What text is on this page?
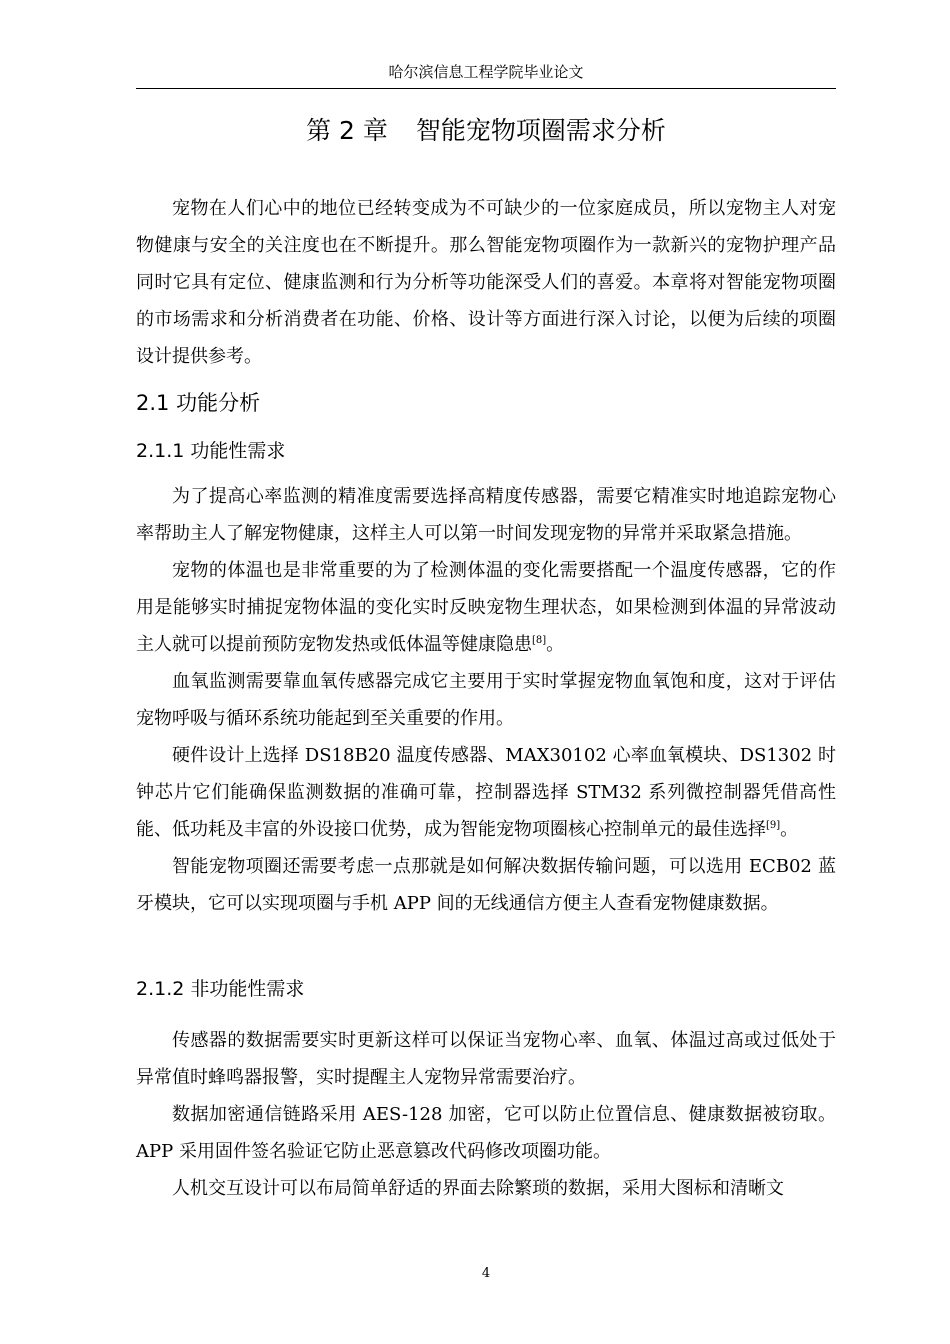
哈尔滨信息工程学院毕业论文
第 2 章 智能宠物项圈需求分析

宠物在人们心中的地位已经转变成为不可缺少的一位家庭成员，所以宠物主人对宠物健康与安全的关注度也在不断提升。那么智能宠物项圈作为一款新兴的宠物护理产品同时它具有定位、健康监测和行为分析等功能深受人们的喜爱。本章将对智能宠物项圈的市场需求和分析消费者在功能、价格、设计等方面进行深入讨论，以便为后续的项圈设计提供参考。

2.1 功能分析

2.1.1 功能性需求

为了提高心率监测的精准度需要选择高精度传感器，需要它精准实时地追踪宠物心率帮助主人了解宠物健康，这样主人可以第一时间发现宠物的异常并采取紧急措施。

宠物的体温也是非常重要的为了检测体温的变化需要搭配一个温度传感器，它的作用是能够实时捕捉宠物体温的变化实时反映宠物生理状态，如果检测到体温的异常波动主人就可以提前预防宠物发热或低体温等健康隐患[8]。

血氧监测需要靠血氧传感器完成它主要用于实时掌握宠物血氧饱和度，这对于评估宠物呼吸与循环系统功能起到至关重要的作用。

硬件设计上选择 DS18B20 温度传感器、MAX30102 心率血氧模块、DS1302 时钟芯片它们能确保监测数据的准确可靠，控制器选择 STM32 系列微控制器凭借高性能、低功耗及丰富的外设接口优势，成为智能宠物项圈核心控制单元的最佳选择[9]。

智能宠物项圈还需要考虑一点那就是如何解决数据传输问题，可以选用 ECB02 蓝牙模块，它可以实现项圈与手机 APP 间的无线通信方便主人查看宠物健康数据。

2.1.2 非功能性需求

传感器的数据需要实时更新这样可以保证当宠物心率、血氧、体温过高或过低处于异常值时蜂鸣器报警，实时提醒主人宠物异常需要治疗。

数据加密通信链路采用 AES-128 加密，它可以防止位置信息、健康数据被窃取。APP 采用固件签名验证它防止恶意篡改代码修改项圈功能。

人机交互设计可以布局简单舒适的界面去除繁琐的数据，采用大图标和清晰文

4
